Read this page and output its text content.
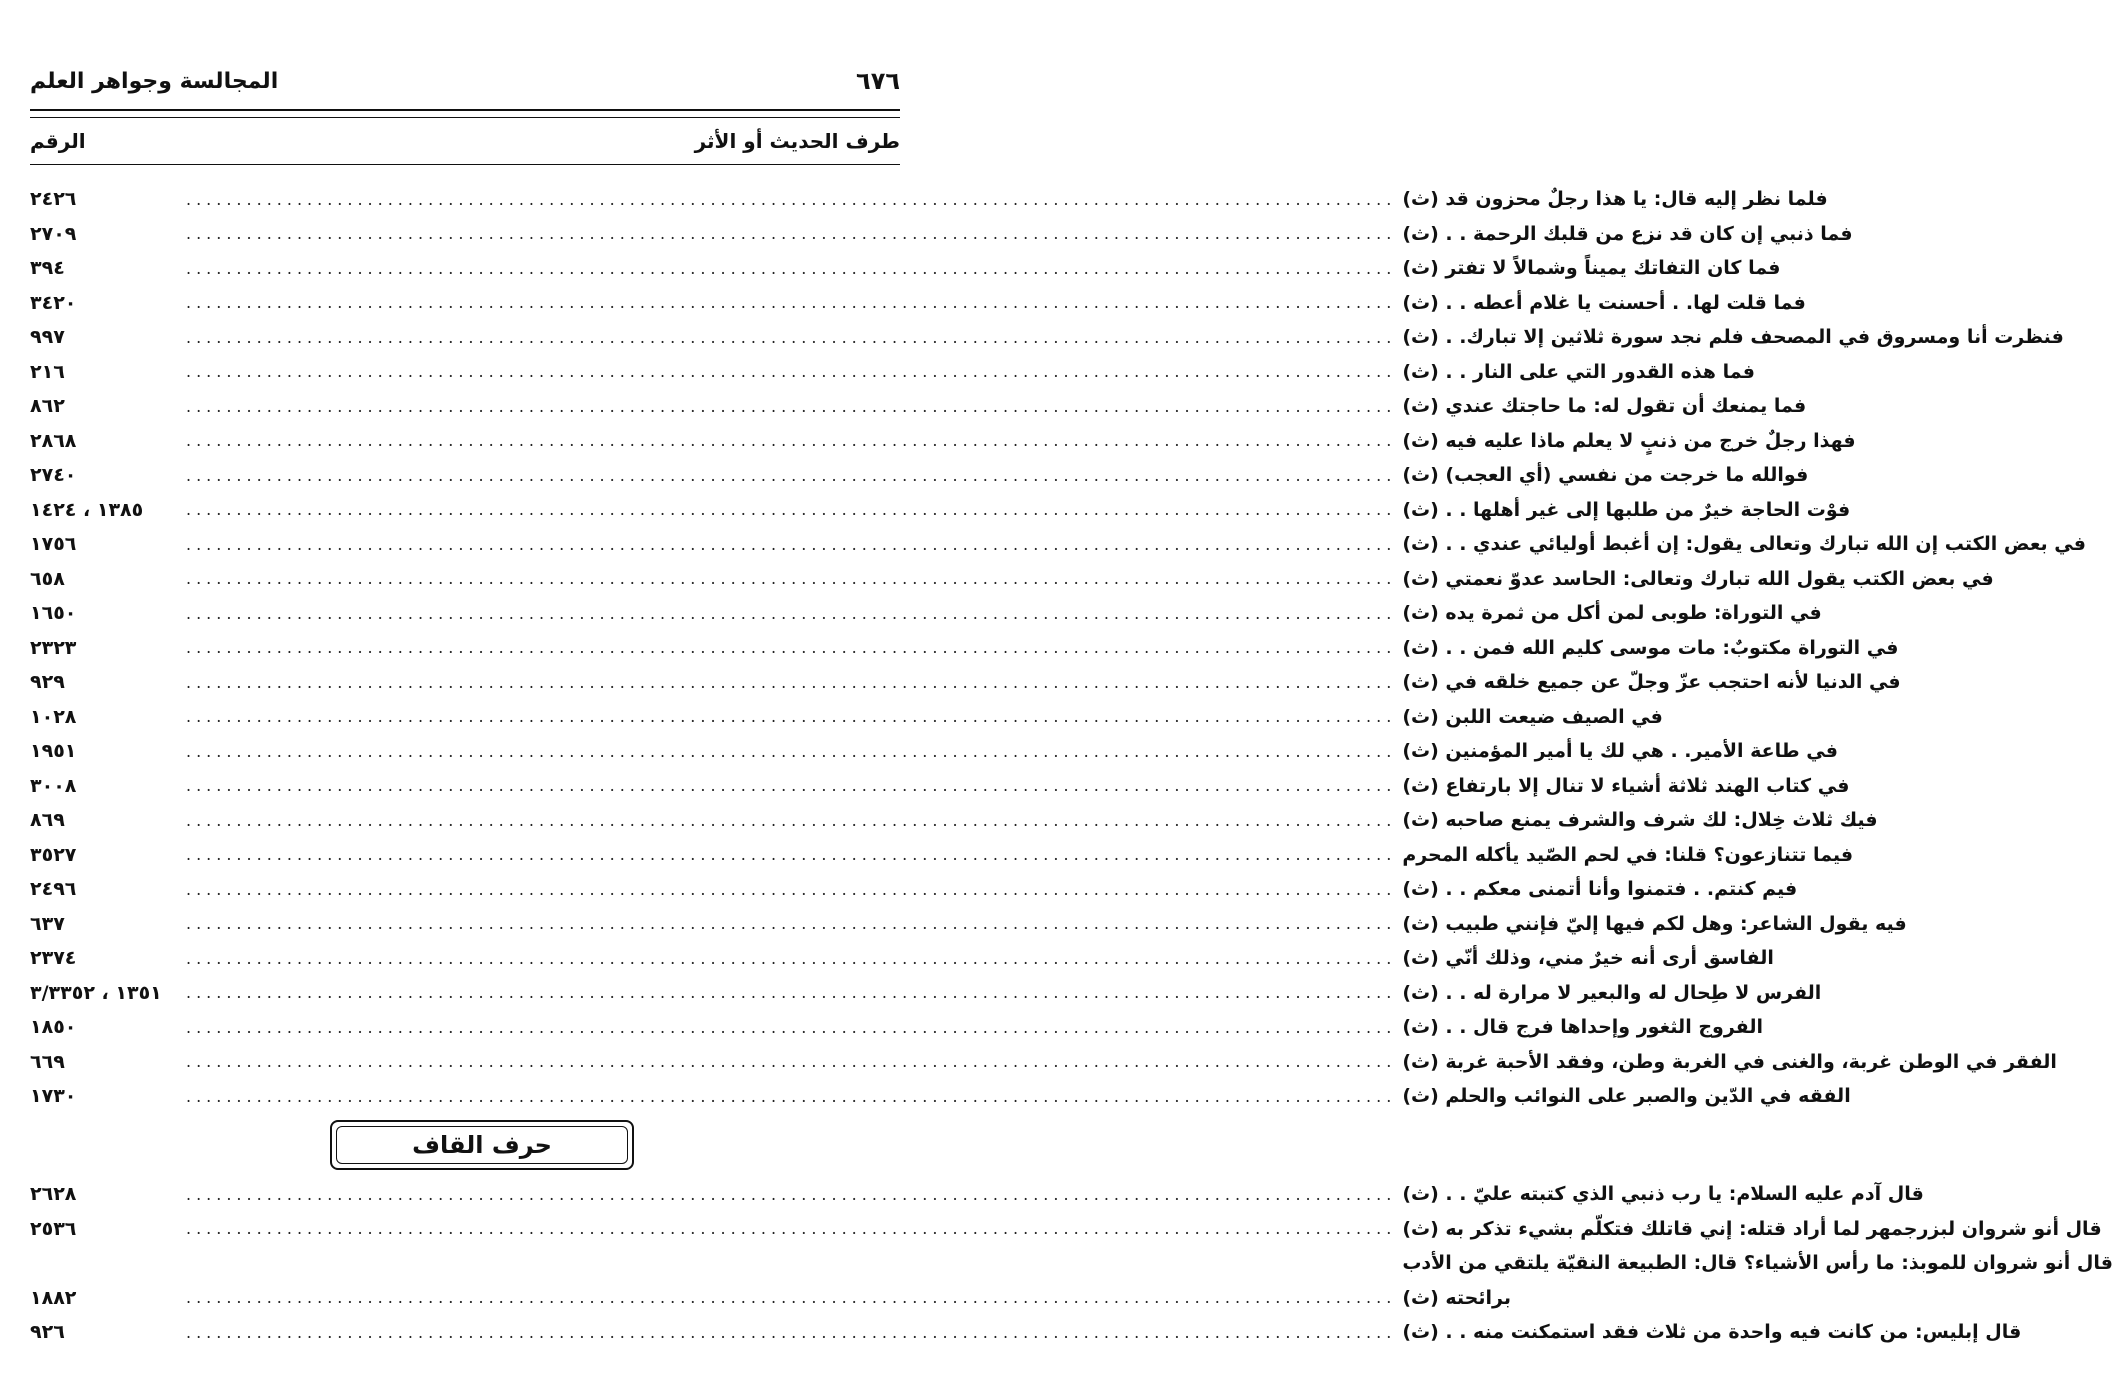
المجالسة وجواهر العلم	٦٧٦
الرقم	طرف الحديث أو الأثر
٢٤٢٦	........................................................................................................................ فلما نظر إليه قال: يا هذا رجلٌ محزون قد (ث)
٢٧٠٩	........................................................................................................................ فما ذنبي إن كان قد نزع من قلبك الرحمة . . (ث)
٣٩٤	........................................................................................................................ فما كان التفاتك يميناً وشمالاً لا تفتر (ث)
٣٤٢٠	........................................................................................................................ فما قلت لها. . أحسنت يا غلام أعطه . . (ث)
٩٩٧	........................................................................................................................ فنظرت أنا ومسروق في المصحف فلم نجد سورة ثلاثين إلا تبارك. . (ث)
٢١٦	........................................................................................................................ فما هذه القدور التي على النار . . (ث)
٨٦٢	........................................................................................................................ فما يمنعك أن تقول له: ما حاجتك عندي (ث)
٢٨٦٨	........................................................................................................................ فهذا رجلٌ خرج من ذنبٍ لا يعلم ماذا عليه فيه (ث)
٢٧٤٠	........................................................................................................................ فوالله ما خرجت من نفسي (أي العجب) (ث)
١٣٨٥ ، ١٤٢٤	........................................................................................................................ فوْت الحاجة خيرٌ من طلبها إلى غير أهلها . . (ث)
١٧٥٦	........................................................................................................................ في بعض الكتب إن الله تبارك وتعالى يقول: إن أغبط أوليائي عندي . . (ث)
٦٥٨	........................................................................................................................ في بعض الكتب يقول الله تبارك وتعالى: الحاسد عدوّ نعمتي (ث)
١٦٥٠	........................................................................................................................ في التوراة: طوبى لمن أكل من ثمرة يده (ث)
٢٣٢٣	........................................................................................................................ في التوراة مكتوبٌ: مات موسى كليم الله فمن . . (ث)
٩٢٩	........................................................................................................................ في الدنيا لأنه احتجب عزّ وجلّ عن جميع خلقه في (ث)
١٠٢٨	........................................................................................................................ في الصيف ضيعت اللبن (ث)
١٩٥١	........................................................................................................................ في طاعة الأمير. . هي لك يا أمير المؤمنين (ث)
٣٠٠٨	........................................................................................................................ في كتاب الهند ثلاثة أشياء لا تنال إلا بارتفاع (ث)
٨٦٩	........................................................................................................................ فيك ثلاث خِلال: لك شرف والشرف يمنع صاحبه (ث)
٣٥٢٧	........................................................................................................................ فيما تتنازعون؟ قلنا: في لحم الصّيد يأكله المحرم
٢٤٩٦	........................................................................................................................ فيم كنتم. . فتمنوا وأنا أتمنى معكم . . (ث)
٦٣٧	........................................................................................................................ فيه يقول الشاعر: وهل لكم فيها إليّ فإنني طبيب (ث)
٢٣٧٤	........................................................................................................................ الفاسق أرى أنه خيرٌ مني، وذلك أنّي (ث)
١٣٥١ ، ٣/٣٣٥٢	........................................................................................................................ الفرس لا طِحال له والبعير لا مرارة له . . (ث)
١٨٥٠	........................................................................................................................ الفروج الثغور وإحداها فرج قال . . (ث)
٦٦٩	........................................................................................................................ الفقر في الوطن غربة، والغنى في الغربة وطن، وفقد الأحبة غربة (ث)
١٧٣٠	........................................................................................................................ الفقه في الدّين والصبر على النوائب والحلم (ث)
حرف القاف
٢٦٢٨	........................................................................................................................ قال آدم عليه السلام: يا رب ذنبي الذي كتبته عليّ . . (ث)
٢٥٣٦	........................................................................................................................ قال أنو شروان لبزرجمهر لما أراد قتله: إني قاتلك فتكلّم بشيء تذكر به (ث)
قال أنو شروان للموبذ: ما رأس الأشياء؟ قال: الطبيعة النقيّة يلتقي من الأدب
١٨٨٢	........................................................................................................................ برائحته (ث)
٩٢٦	........................................................................................................................ قال إبليس: من كانت فيه واحدة من ثلاث فقد استمكنت منه . . (ث)
